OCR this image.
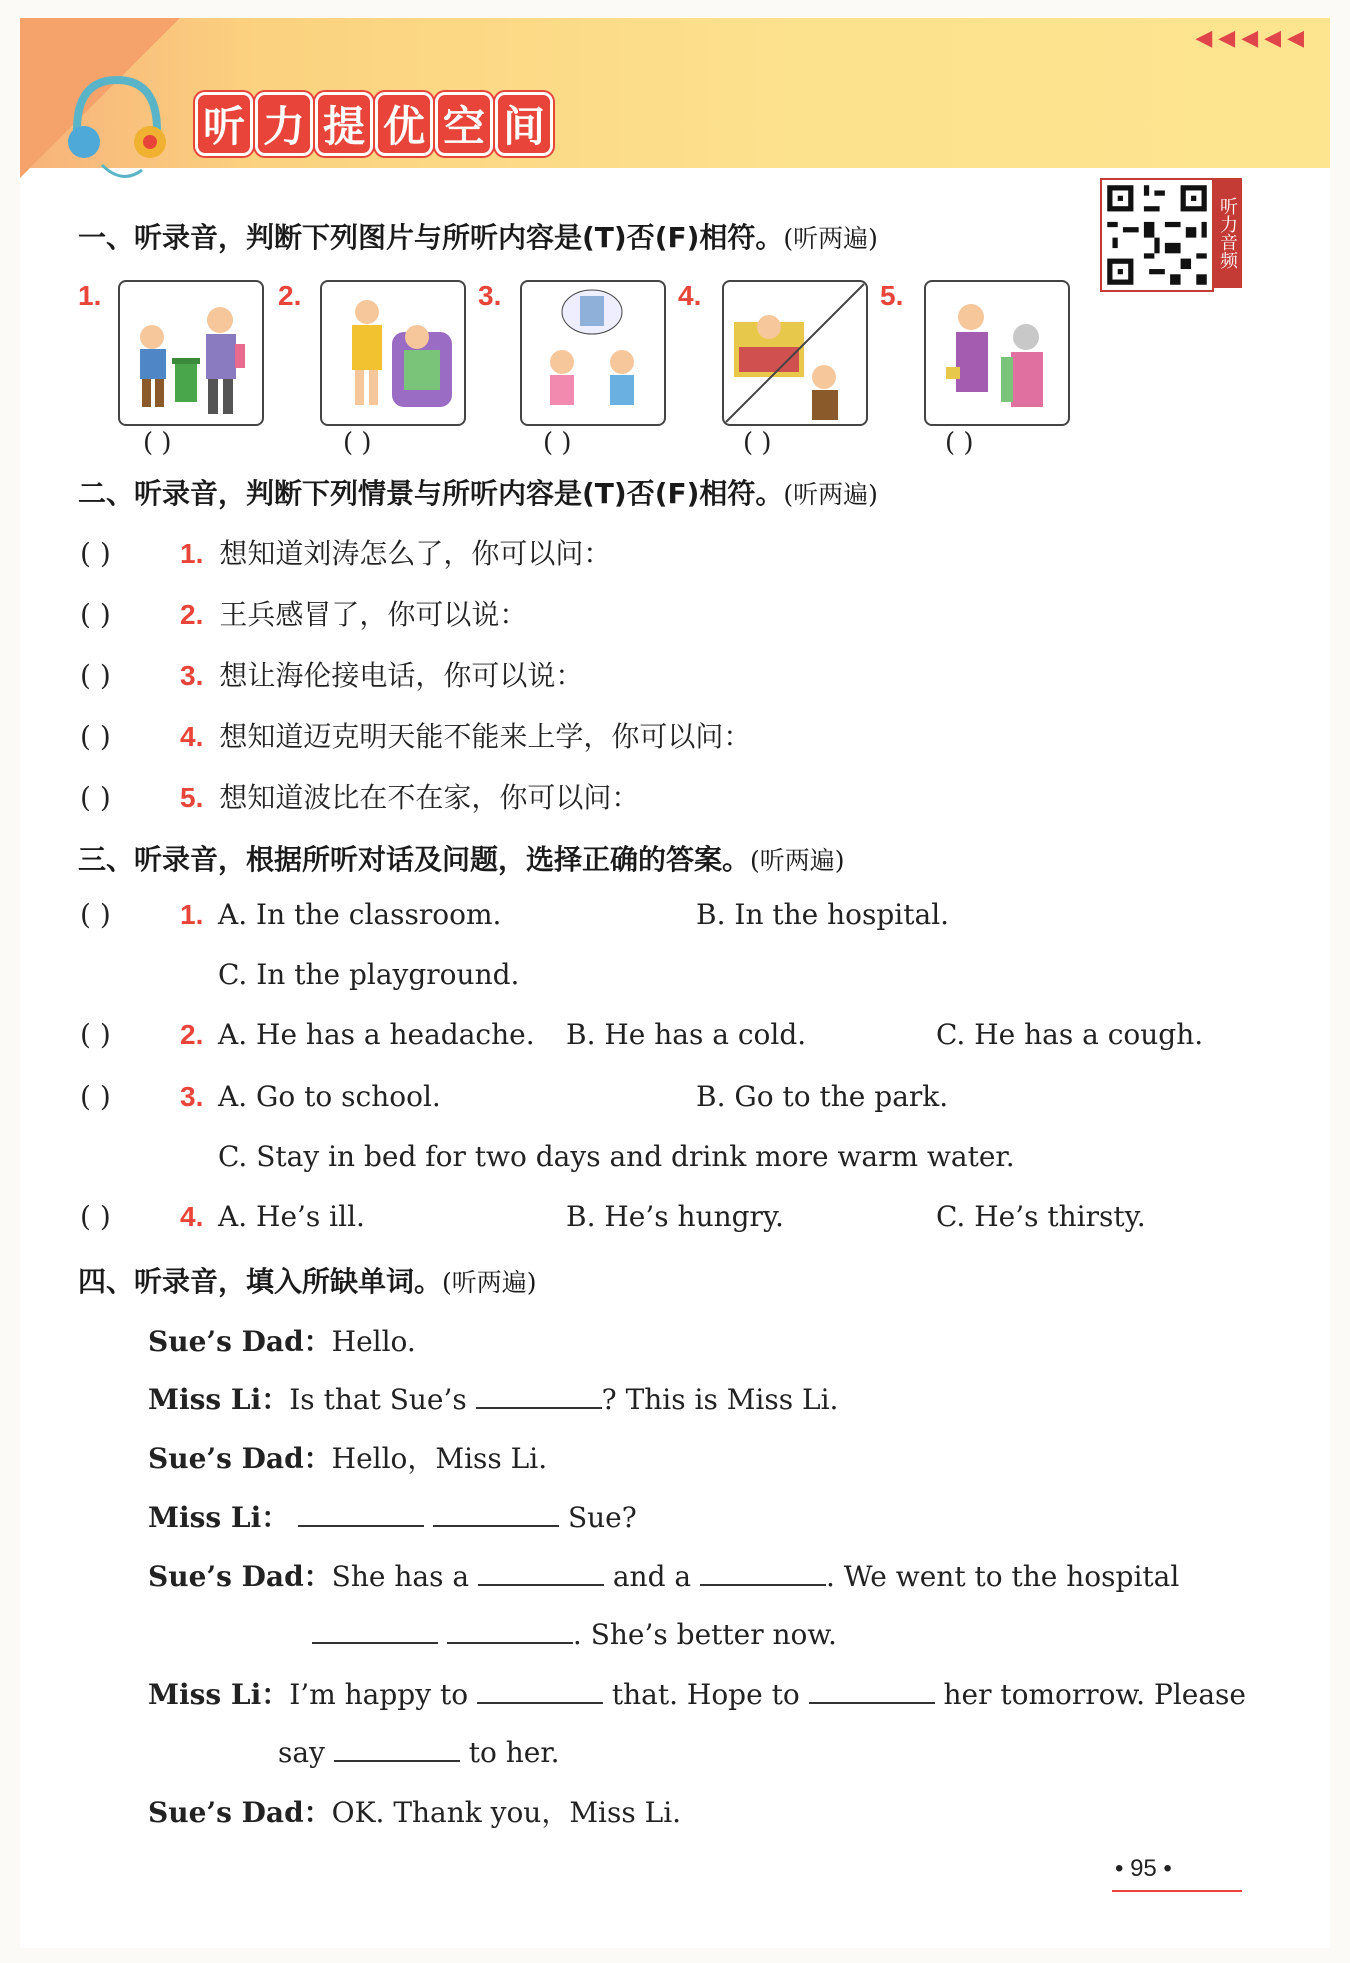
◀◀◀◀◀
听 力 提 优 空 间
听力音频
一、听录音，判断下列图片与所听内容是(T)否(F)相符。(听两遍)
1.
( )
2.
( )
3.
( )
4.
( )
5.
( )
二、听录音，判断下列情景与所听内容是(T)否(F)相符。(听两遍)
( )	1. 想知道刘涛怎么了，你可以问：
( )	2. 王兵感冒了，你可以说：
( )	3. 想让海伦接电话，你可以说：
( )	4. 想知道迈克明天能不能来上学，你可以问：
( )	5. 想知道波比在不在家，你可以问：
三、听录音，根据所听对话及问题，选择正确的答案。(听两遍)
( )	1. A. In the classroom.	B. In the hospital.
C. In the playground.
( )	2. A. He has a headache. B. He has a cold.	C. He has a cough.
( )	3. A. Go to school.	B. Go to the park.
C. Stay in bed for two days and drink more warm water.
( )	4. A. He’s ill.	B. He’s hungry.	C. He’s thirsty.
四、听录音，填入所缺单词。(听两遍)
Sue’s Dad：Hello.
Miss Li：Is that Sue’s	? This is Miss Li.
Sue’s Dad：Hello，Miss Li.
Miss Li：	Sue?
Sue’s Dad：She has a	and a	. We went to the hospital
. She’s better now.
Miss Li：I’m happy to	that. Hope to	her tomorrow. Please
say	to her.
Sue’s Dad：OK. Thank you，Miss Li.
• 95 •
